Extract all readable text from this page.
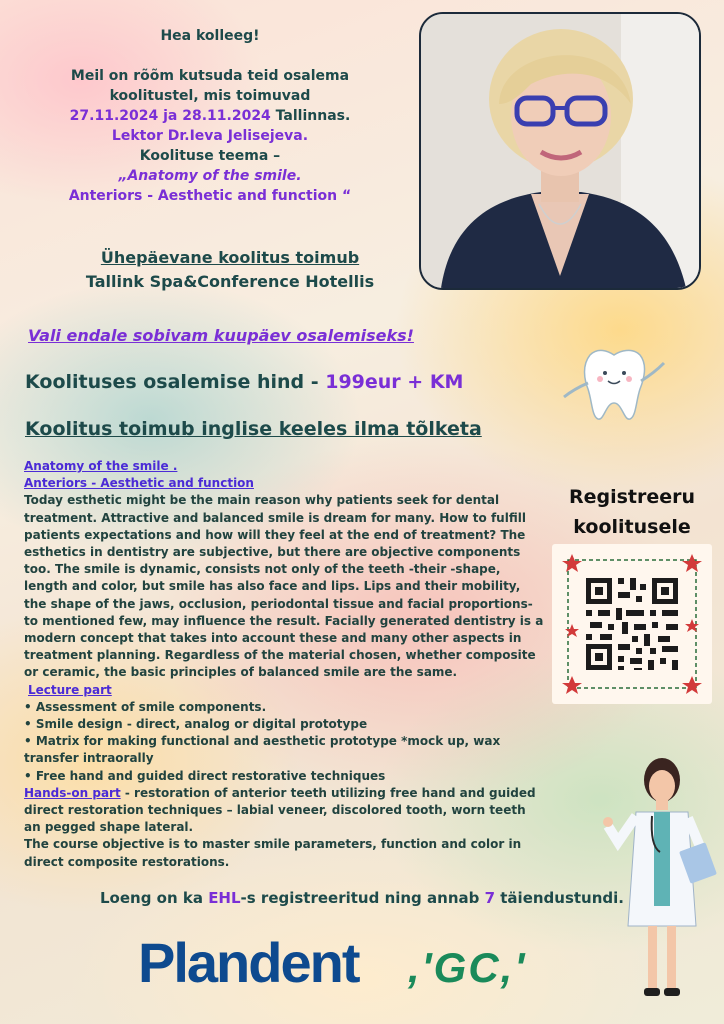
Hea kolleeg!
Meil on rõõm kutsuda teid osalema
koolitustel, mis toimuvad
27.11.2024 ja 28.11.2024 Tallinnas.
Lektor Dr.Ieva Jelisejeva.
Koolituse teema –
„Anatomy of the smile.
Anteriors - Aesthetic and function “
Ühepäevane koolitus toimub
Tallink Spa&Conference Hotellis
Vali endale sobivam kuupäev osalemiseks!
Koolituses osalemise hind - 199eur + KM
Koolitus toimub inglise keeles ilma tõlketa

Anatomy of the smile .

Anteriors - Aesthetic and function

Today esthetic might be the main reason why patients seek for dental treatment. Attractive and balanced smile is dream for many. How to fulfill patients expectations and how will they feel at the end of treatment? The esthetics in dentistry are subjective, but there are objective components too. The smile is dynamic, consists not only of the teeth -their -shape, length and color, but smile has also face and lips. Lips and their mobility, the shape of the jaws, occlusion, periodontal tissue and facial proportions-to mentioned few, may influence the result. Facially generated dentistry is a modern concept that takes into account these and many other aspects in treatment planning. Regardless of the material chosen, whether composite or ceramic, the basic principles of balanced smile are the same.

Lecture part

• Assessment of smile components.

• Smile design - direct, analog or digital prototype

• Matrix for making functional and aesthetic prototype *mock up, wax transfer intraorally

• Free hand and guided direct restorative techniques

Hands-on part - restoration of anterior teeth utilizing free hand and guided direct restoration techniques – labial veneer, discolored tooth, worn teeth an pegged shape lateral.

The course objective is to master smile parameters, function and color in direct composite restorations.

Registreeru
koolitusele
Loeng on ka EHL-s registreeritud ning annab 7 täiendustundi.
Plandent ,'GC,'
